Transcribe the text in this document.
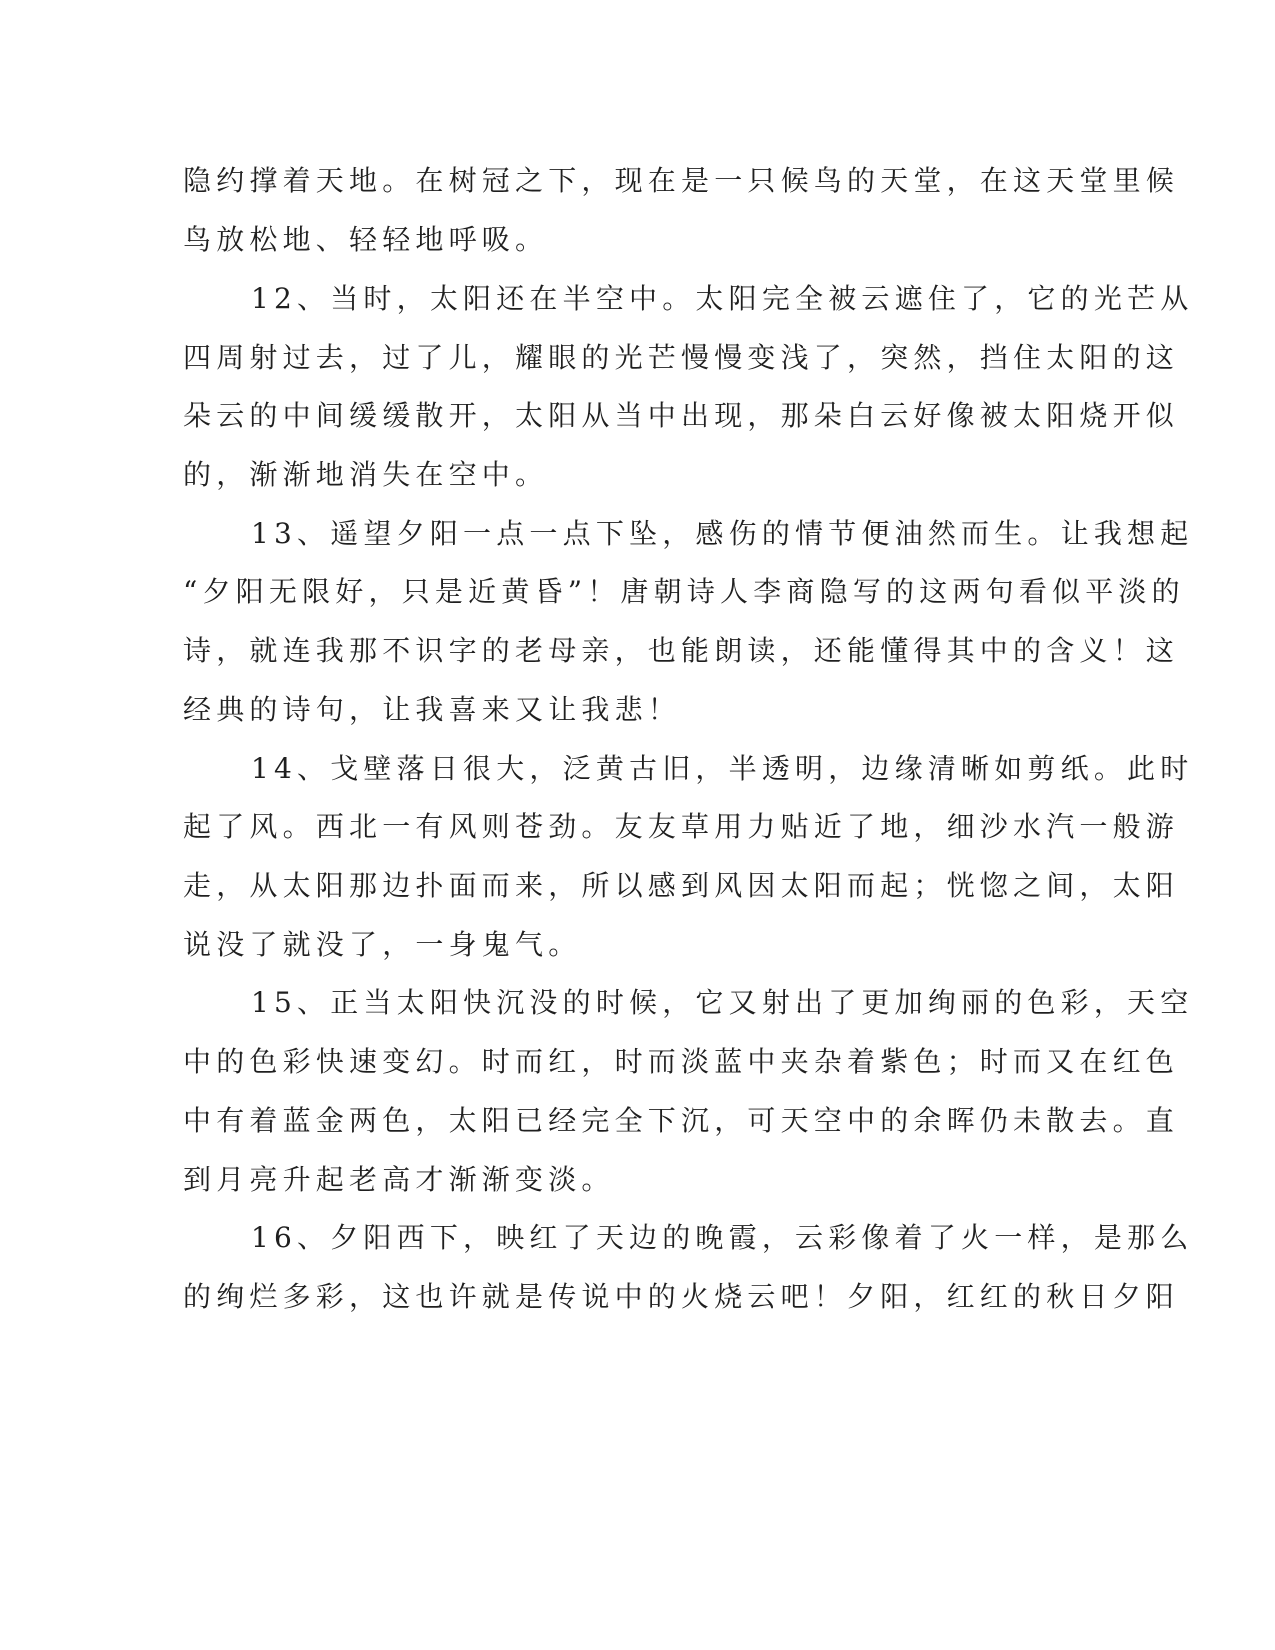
隐约撑着天地。在树冠之下，现在是一只候鸟的天堂，在这天堂里候
鸟放松地、轻轻地呼吸。
12、当时，太阳还在半空中。太阳完全被云遮住了，它的光芒从
四周射过去，过了儿，耀眼的光芒慢慢变浅了，突然，挡住太阳的这
朵云的中间缓缓散开，太阳从当中出现，那朵白云好像被太阳烧开似
的，渐渐地消失在空中。
13、遥望夕阳一点一点下坠，感伤的情节便油然而生。让我想起
“夕阳无限好，只是近黄昏”！唐朝诗人李商隐写的这两句看似平淡的
诗，就连我那不识字的老母亲，也能朗读，还能懂得其中的含义！这
经典的诗句，让我喜来又让我悲！
14、戈壁落日很大，泛黄古旧，半透明，边缘清晰如剪纸。此时
起了风。西北一有风则苍劲。友友草用力贴近了地，细沙水汽一般游
走，从太阳那边扑面而来，所以感到风因太阳而起；恍惚之间，太阳
说没了就没了，一身鬼气。
15、正当太阳快沉没的时候，它又射出了更加绚丽的色彩，天空
中的色彩快速变幻。时而红，时而淡蓝中夹杂着紫色；时而又在红色
中有着蓝金两色，太阳已经完全下沉，可天空中的余晖仍未散去。直
到月亮升起老高才渐渐变淡。
16、夕阳西下，映红了天边的晚霞，云彩像着了火一样，是那么
的绚烂多彩，这也许就是传说中的火烧云吧！夕阳，红红的秋日夕阳
